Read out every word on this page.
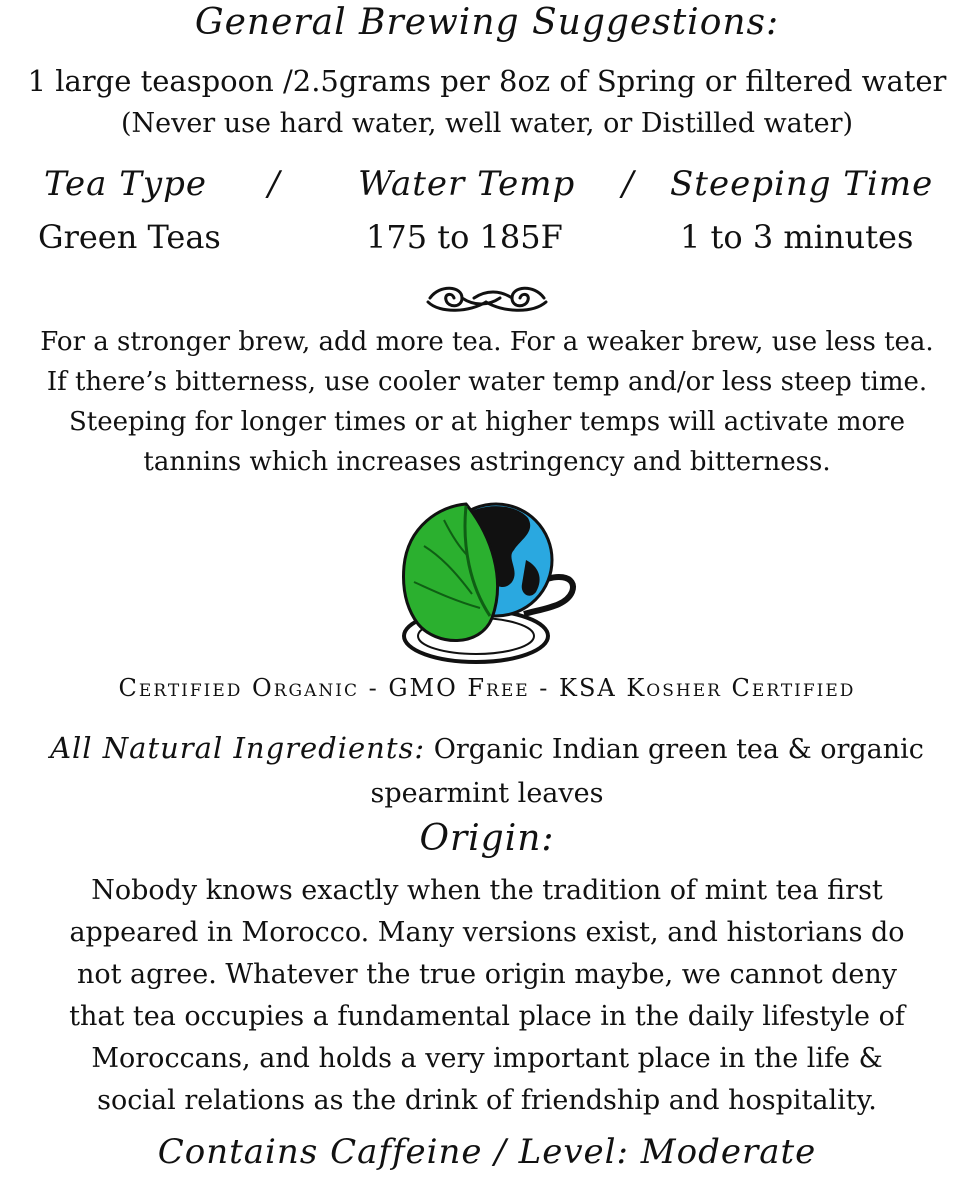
General Brewing Suggestions:
1 large teaspoon /2.5grams per 8oz of Spring or filtered water
(Never use hard water, well water, or Distilled water)
Tea Type / Water Temp / Steeping Time
Green Teas	175 to 185F	1 to 3 minutes
For a stronger brew, add more tea. For a weaker brew, use less tea.
If there’s bitterness, use cooler water temp and/or less steep time.
Steeping for longer times or at higher temps will activate more
tannins which increases astringency and bitterness.
Certified Organic - GMO Free - KSA Kosher Certified
All Natural Ingredients: Organic Indian green tea & organic
spearmint leaves
Origin:
Nobody knows exactly when the tradition of mint tea first
appeared in Morocco. Many versions exist, and historians do
not agree. Whatever the true origin maybe, we cannot deny
that tea occupies a fundamental place in the daily lifestyle of
Moroccans, and holds a very important place in the life &
social relations as the drink of friendship and hospitality.
Contains Caffeine / Level: Moderate
